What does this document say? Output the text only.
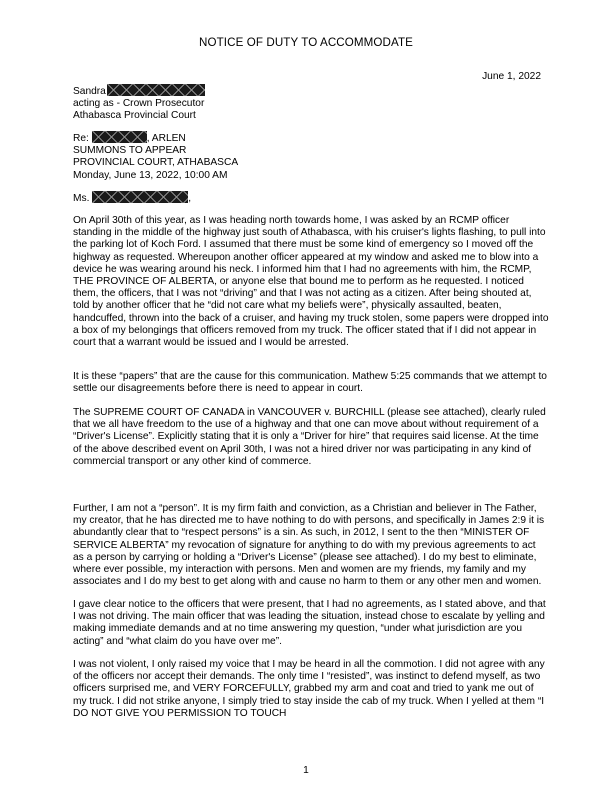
NOTICE OF DUTY TO ACCOMMODATE
June 1, 2022
Sandra
acting as - Crown Prosecutor
Athabasca Provincial Court
Re:	, ARLEN
SUMMONS TO APPEAR
PROVINCIAL COURT, ATHABASCA
Monday, June 13, 2022, 10:00 AM
Ms.	,

On April 30th of this year, as I was heading north towards home, I was asked by an RCMP officer standing in the middle of the highway just south of Athabasca, with his cruiser's lights flashing, to pull into the parking lot of Koch Ford. I assumed that there must be some kind of emergency so I moved off the highway as requested. Whereupon another officer appeared at my window and asked me to blow into a device he was wearing around his neck. I informed him that I had no agreements with him, the RCMP, THE PROVINCE OF ALBERTA, or anyone else that bound me to perform as he requested. I noticed them, the officers, that I was not “driving” and that I was not acting as a citizen. After being shouted at, told by another officer that he “did not care what my beliefs were”, physically assaulted, beaten, handcuffed, thrown into the back of a cruiser, and having my truck stolen, some papers were dropped into a box of my belongings that officers removed from my truck. The officer stated that if I did not appear in court that a warrant would be issued and I would be arrested.

It is these “papers” that are the cause for this communication. Mathew 5:25 commands that we attempt to settle our disagreements before there is need to appear in court.

The SUPREME COURT OF CANADA in VANCOUVER v. BURCHILL (please see attached), clearly ruled that we all have freedom to the use of a highway and that one can move about without requirement of a “Driver's License”. Explicitly stating that it is only a “Driver for hire” that requires said license. At the time of the above described event on April 30th, I was not a hired driver nor was participating in any kind of commercial transport or any other kind of commerce.

Further, I am not a “person”. It is my firm faith and conviction, as a Christian and believer in The Father, my creator, that he has directed me to have nothing to do with persons, and specifically in James 2:9 it is abundantly clear that to “respect persons” is a sin. As such, in 2012, I sent to the then “MINISTER OF SERVICE ALBERTA” my revocation of signature for anything to do with my previous agreements to act as a person by carrying or holding a “Driver's License” (please see attached). I do my best to eliminate, where ever possible, my interaction with persons. Men and women are my friends, my family and my associates and I do my best to get along with and cause no harm to them or any other men and women.

I gave clear notice to the officers that were present, that I had no agreements, as I stated above, and that I was not driving. The main officer that was leading the situation, instead chose to escalate by yelling and making immediate demands and at no time answering my question, “under what jurisdiction are you acting” and “what claim do you have over me”.

I was not violent, I only raised my voice that I may be heard in all the commotion. I did not agree with any of the officers nor accept their demands. The only time I “resisted”, was instinct to defend myself, as two officers surprised me, and VERY FORCEFULLY, grabbed my arm and coat and tried to yank me out of my truck. I did not strike anyone, I simply tried to stay inside the cab of my truck. When I yelled at them “I DO NOT GIVE YOU PERMISSION TO TOUCH

1
